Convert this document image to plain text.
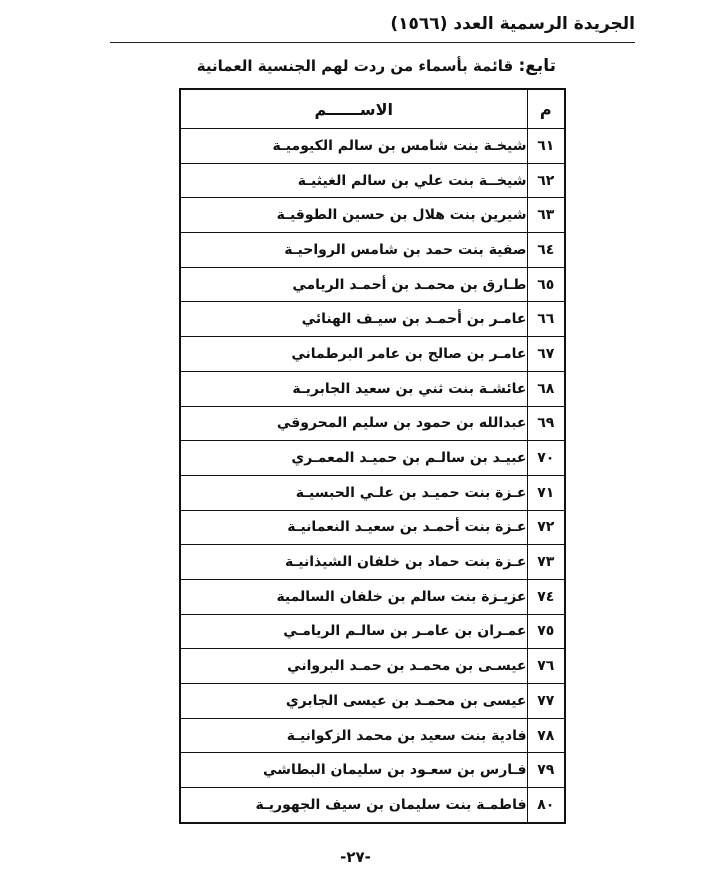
الجريدة الرسمية العدد (١٥٦٦)
تابع: قائمة بأسماء من ردت لهم الجنسية العمانية
م	الاســــــم
٦١	شيخـة بنت شامس بن سالم الكيوميـة
٦٢	شيخــة بنت علي بن سالم الغيثيـة
٦٣	شيرين بنت هلال بن حسين الطوقيـة
٦٤	صفية بنت حمد بن شامس الرواحيـة
٦٥	طـارق بن محمـد بن أحمـد الريامي
٦٦	عامـر بن أحمـد بن سيـف الهنائي
٦٧	عامـر بن صالح بن عامر البرطماني
٦٨	عائشـة بنت ثني بن سعيد الجابريـة
٦٩	عبدالله بن حمود بن سليم المحروقي
٧٠	عبيـد بن سالـم بن حميـد المعمـري
٧١	عـزة بنت حميـد بن علـي الحبسيـة
٧٢	عـزة بنت أحمـد بن سعيـد النعمانيـة
٧٣	عـزة بنت حماد بن خلفان الشيذانيـة
٧٤	عزيـزة بنت سالم بن خلفان السالمية
٧٥	عمـران بن عامـر بن سالـم الريامـي
٧٦	عيسـى بن محمـد بن حمـد البرواني
٧٧	عيسى بن محمـد بن عيسى الجابري
٧٨	فادية بنت سعيد بن محمد الزكوانيـة
٧٩	فـارس بن سعـود بن سليمان البطاشي
٨٠	فاطمـة بنت سليمان بن سيف الجهوريـة
-٢٧-
